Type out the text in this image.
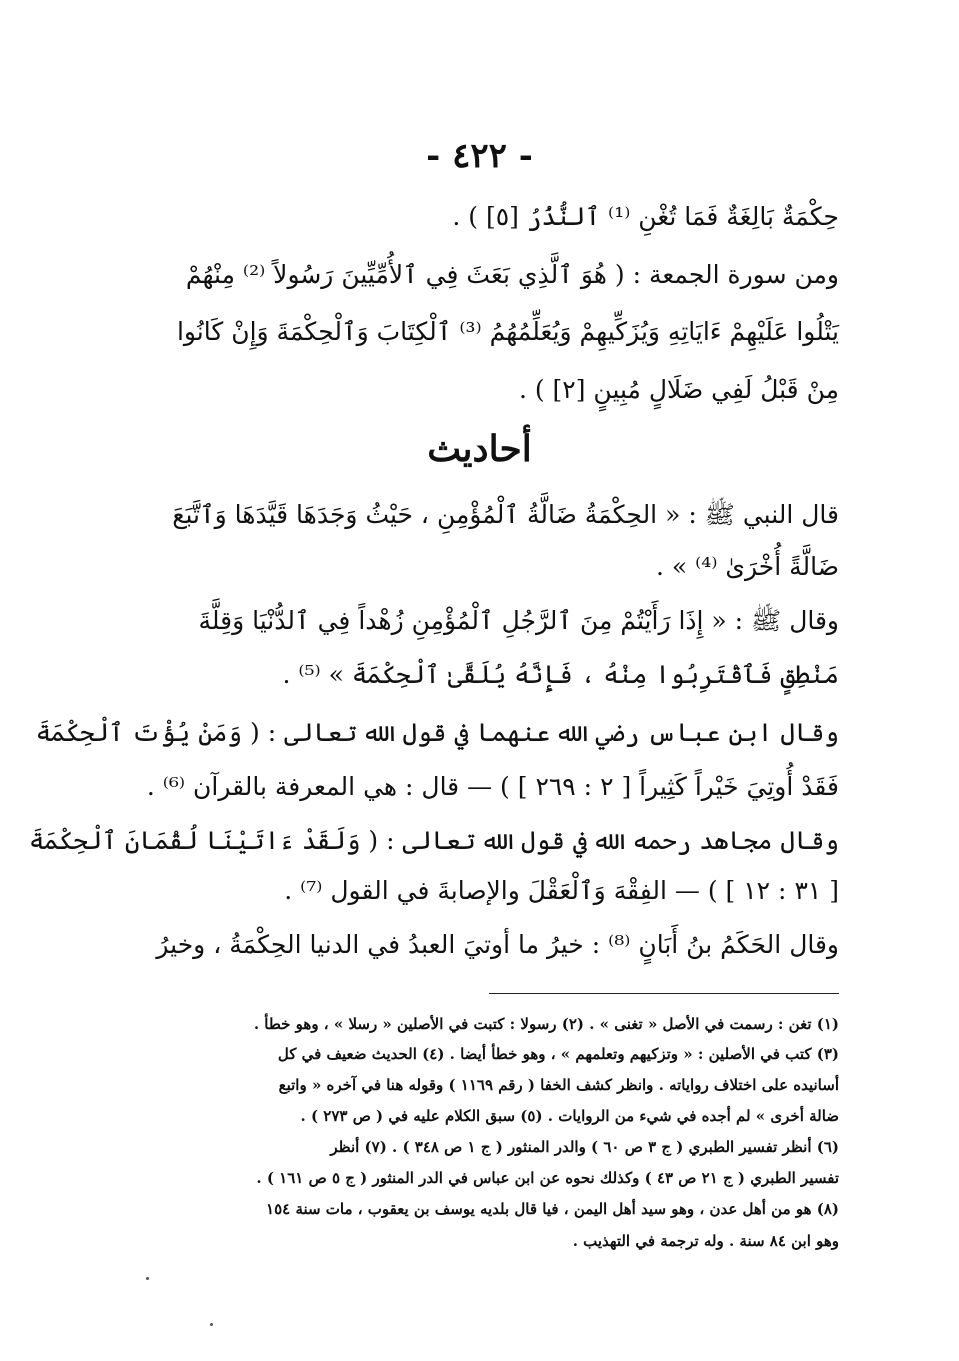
- ٤٢٢ -
حِكْمَةٌ بَالِغَةٌ فَمَا تُغْنِ ⁽¹⁾ ٱلنُّذُرُ [٥] ) .
ومن سورة الجمعة : ( هُوَ ٱلَّذِي بَعَثَ فِي ٱلأُمِّيِّينَ رَسُولاً ⁽²⁾ مِنْهُمْ
يَتْلُوا عَلَيْهِمْ ءَايَاتِهِ وَيُزَكِّيهِمْ وَيُعَلِّمُهُمُ ⁽³⁾ ٱلْكِتَابَ وَٱلْحِكْمَةَ وَإِنْ كَانُوا
مِنْ قَبْلُ لَفِي ضَلَالٍ مُبِينٍ [٢] ) .
أحاديث
قال النبي ﷺ : « الحِكْمَةُ ضَالَّةُ ٱلْمُؤْمِنِ ، حَيْثُ وَجَدَهَا قَيَّدَهَا وَٱتَّبَعَ
ضَالَّةً أُخْرَىٰ ⁽⁴⁾ » .
وقال ﷺ : « إِذَا رَأَيْتُمْ مِنَ ٱلرَّجُلِ ٱلْمُؤْمِنِ زُهْداً فِي ٱلدُّنْيَا وَقِلَّةَ
مَنْطِقٍ فَٱقْتَرِبُوا مِنْهُ ، فَإِنَّهُ يُلَقَّىٰ ٱلْحِكْمَةَ » ⁽⁵⁾ .
وقال ابن عباس رضي الله عنهما في قول الله تعالى : ( وَمَنْ يُؤْتَ ٱلْحِكْمَةَ
فَقَدْ أُوتِيَ خَيْراً كَثِيراً [ ٢ : ٢٦٩ ] ) — قال : هي المعرفة بالقرآن ⁽⁶⁾ .
وقال مجاهد رحمه الله في قول الله تعالى : ( وَلَقَدْ ءَاتَيْنَا لُقْمَانَ ٱلْحِكْمَةَ
[ ٣١ : ١٢ ] ) — الفِقْهَ وَٱلْعَقْلَ والإصابةَ في القول ⁽⁷⁾ .
وقال الحَكَمُ بنُ أَبَانٍ ⁽⁸⁾ : خيرُ ما أوتيَ العبدُ في الدنيا الحِكْمَةُ ، وخيرُ
(١) تغن : رسمت في الأصل « تغنى » . (٢) رسولا : كتبت في الأصلين « رسلا » ، وهو خطأ .
(٣) كتب في الأصلين : « وتزكيهم وتعلمهم » ، وهو خطأ أيضا . (٤) الحديث ضعيف في كل
أسانيده على اختلاف رواياته . وانظر كشف الخفا ( رقم ١١٦٩ ) وقوله هنا في آخره « واتبع
ضالة أخرى » لم أجده في شيء من الروايات . (٥) سبق الكلام عليه في ( ص ٢٧٣ ) .
(٦) أنظر تفسير الطبري ( ج ٣ ص ٦٠ ) والدر المنثور ( ج ١ ص ٣٤٨ ) . (٧) أنظر
تفسير الطبري ( ج ٢١ ص ٤٣ ) وكذلك نحوه عن ابن عباس في الدر المنثور ( ج ٥ ص ١٦١ ) .
(٨) هو من أهل عدن ، وهو سيد أهل اليمن ، فيا قال بلديه يوسف بن يعقوب ، مات سنة ١٥٤
وهو ابن ٨٤ سنة . وله ترجمة في التهذيب .
